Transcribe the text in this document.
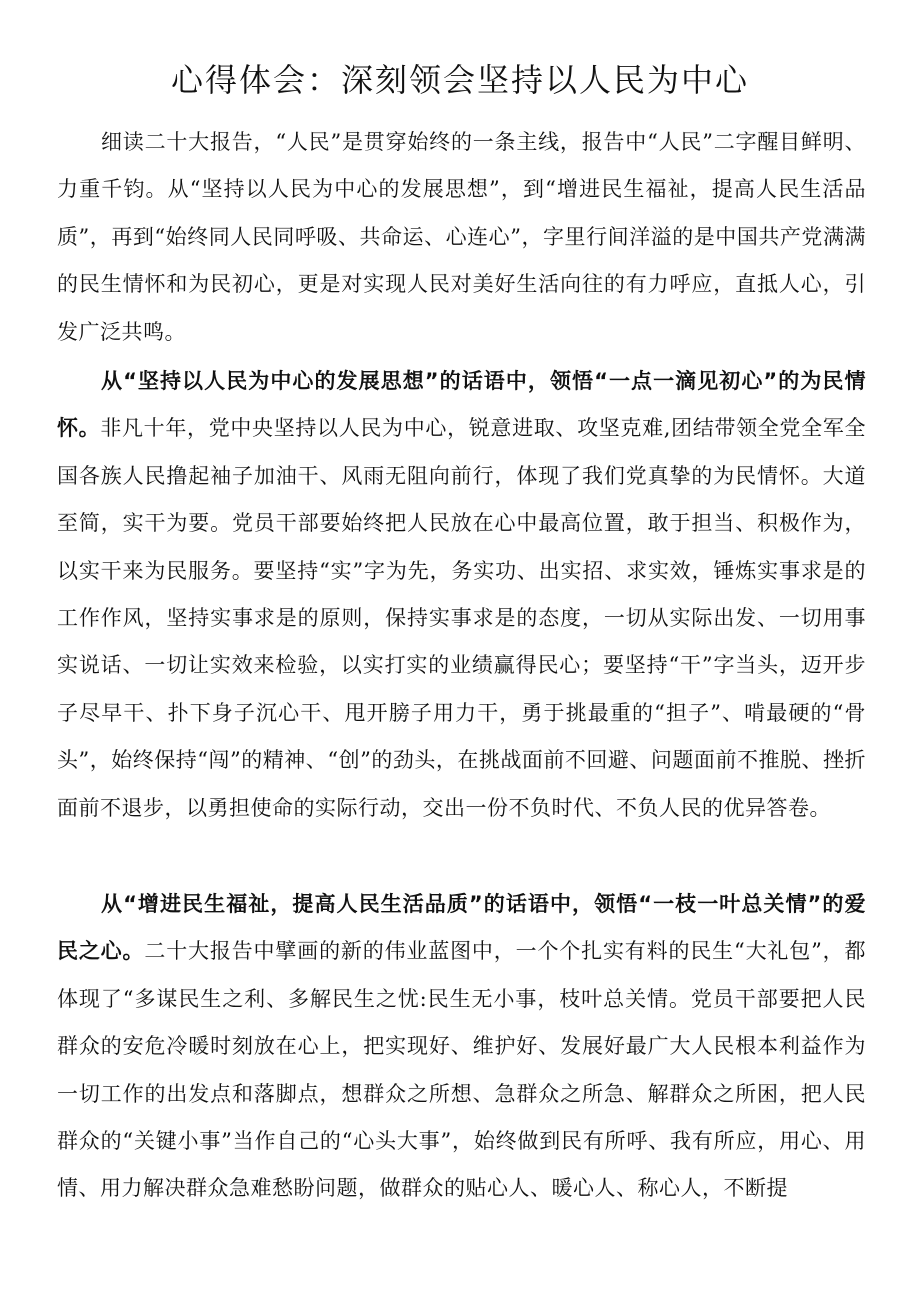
心得体会：深刻领会坚持以人民为中心

细读二十大报告，“人民”是贯穿始终的一条主线，报告中“人民”二字醒目鲜明、力重千钧。从“坚持以人民为中心的发展思想”，到“增进民生福祉，提高人民生活品质”，再到“始终同人民同呼吸、共命运、心连心”，字里行间洋溢的是中国共产党满满的民生情怀和为民初心，更是对实现人民对美好生活向往的有力呼应，直抵人心，引发广泛共鸣。

从“坚持以人民为中心的发展思想”的话语中，领悟“一点一滴见初心”的为民情怀。非凡十年，党中央坚持以人民为中心，锐意进取、攻坚克难,团结带领全党全军全国各族人民撸起袖子加油干、风雨无阻向前行，体现了我们党真挚的为民情怀。大道至简，实干为要。党员干部要始终把人民放在心中最高位置，敢于担当、积极作为，以实干来为民服务。要坚持“实”字为先，务实功、出实招、求实效，锤炼实事求是的工作作风，坚持实事求是的原则，保持实事求是的态度，一切从实际出发、一切用事实说话、一切让实效来检验，以实打实的业绩赢得民心；要坚持“干”字当头，迈开步子尽早干、扑下身子沉心干、甩开膀子用力干，勇于挑最重的“担子”、啃最硬的“骨头”，始终保持“闯”的精神、“创”的劲头，在挑战面前不回避、问题面前不推脱、挫折面前不退步，以勇担使命的实际行动，交出一份不负时代、不负人民的优异答卷。

从“增进民生福祉，提高人民生活品质”的话语中，领悟“一枝一叶总关情”的爱民之心。二十大报告中擘画的新的伟业蓝图中，一个个扎实有料的民生“大礼包”，都体现了“多谋民生之利、多解民生之忧:民生无小事，枝叶总关情。党员干部要把人民群众的安危冷暖时刻放在心上，把实现好、维护好、发展好最广大人民根本利益作为一切工作的出发点和落脚点，想群众之所想、急群众之所急、解群众之所困，把人民群众的“关键小事”当作自己的“心头大事”，始终做到民有所呼、我有所应，用心、用情、用力解决群众急难愁盼问题，做群众的贴心人、暖心人、称心人，不断提
